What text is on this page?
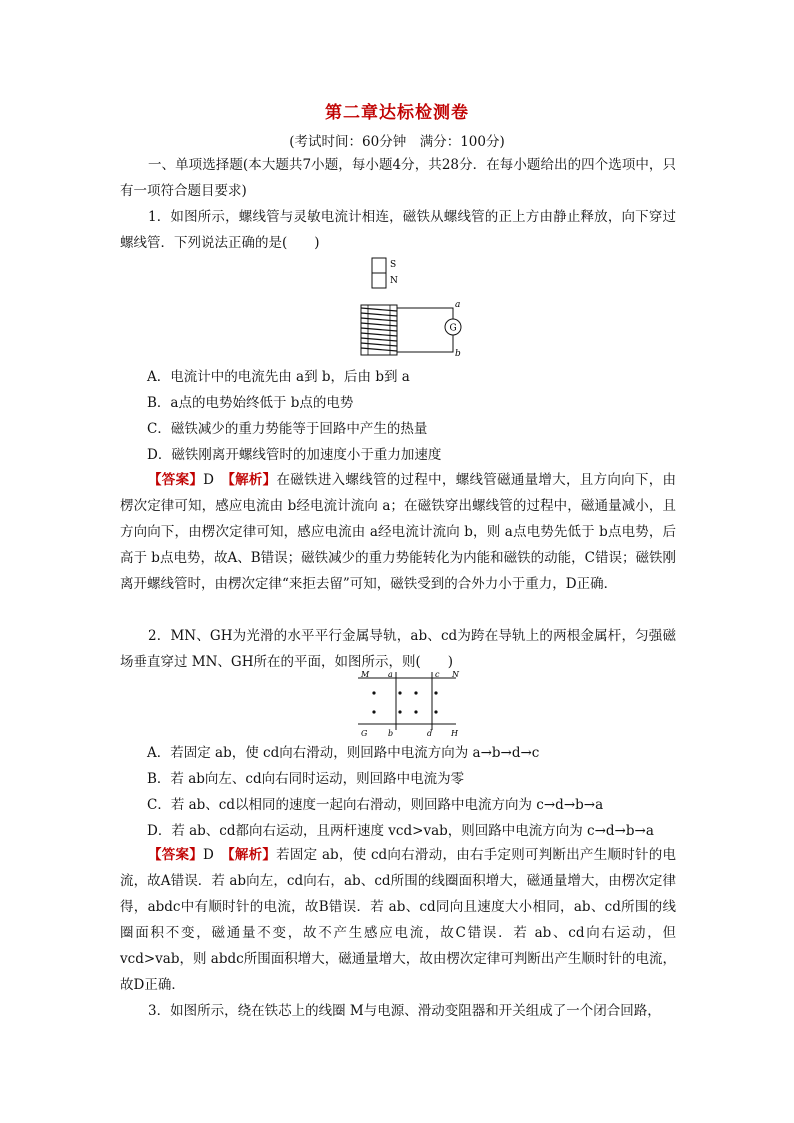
第二章达标检测卷
(考试时间：60分钟　满分：100分)
一、单项选择题(本大题共7小题，每小题4分，共28分．在每小题给出的四个选项中，只有一项符合题目要求)
1．如图所示，螺线管与灵敏电流计相连，磁铁从螺线管的正上方由静止释放，向下穿过螺线管．下列说法正确的是(　　)
S
N
G
a
b
A．电流计中的电流先由 a到 b，后由 b到 a
B．a点的电势始终低于 b点的电势
C．磁铁减少的重力势能等于回路中产生的热量
D．磁铁刚离开螺线管时的加速度小于重力加速度
【答案】D　 【解析】在磁铁进入螺线管的过程中，螺线管磁通量增大，且方向向下，由楞次定律可知，感应电流由 b经电流计流向 a；在磁铁穿出螺线管的过程中，磁通量减小，且方向向下，由楞次定律可知，感应电流由 a经电流计流向 b，则 a点电势先低于 b点电势，后高于 b点电势，故A、B错误；磁铁减少的重力势能转化为内能和磁铁的动能，C错误；磁铁刚离开螺线管时，由楞次定律“来拒去留”可知，磁铁受到的合外力小于重力，D正确．
2．MN、GH为光滑的水平平行金属导轨，ab、cd为跨在导轨上的两根金属杆，匀强磁场垂直穿过 MN、GH所在的平面，如图所示，则(　　)
M a	c N
G	b	d H
A．若固定 ab，使 cd向右滑动，则回路中电流方向为 a→b→d→c
B．若 ab向左、cd向右同时运动，则回路中电流为零
C．若 ab、cd以相同的速度一起向右滑动，则回路中电流方向为 c→d→b→a
D．若 ab、cd都向右运动，且两杆速度 vcd>vab，则回路中电流方向为 c→d→b→a
【答案】D　 【解析】若固定 ab，使 cd向右滑动，由右手定则可判断出产生顺时针的电流，故A错误．若 ab向左，cd向右，ab、cd所围的线圈面积增大，磁通量增大，由楞次定律得，abdc中有顺时针的电流，故B错误．若 ab、cd同向且速度大小相同，ab、cd所围的线圈面积不变，磁通量不变，故不产生感应电流，故C错误．若 ab、cd向右运动，但 vcd>vab，则 abdc所围面积增大，磁通量增大，故由楞次定律可判断出产生顺时针的电流，故D正确．
3．如图所示，绕在铁芯上的线圈 M与电源、滑动变阻器和开关组成了一个闭合回路，
